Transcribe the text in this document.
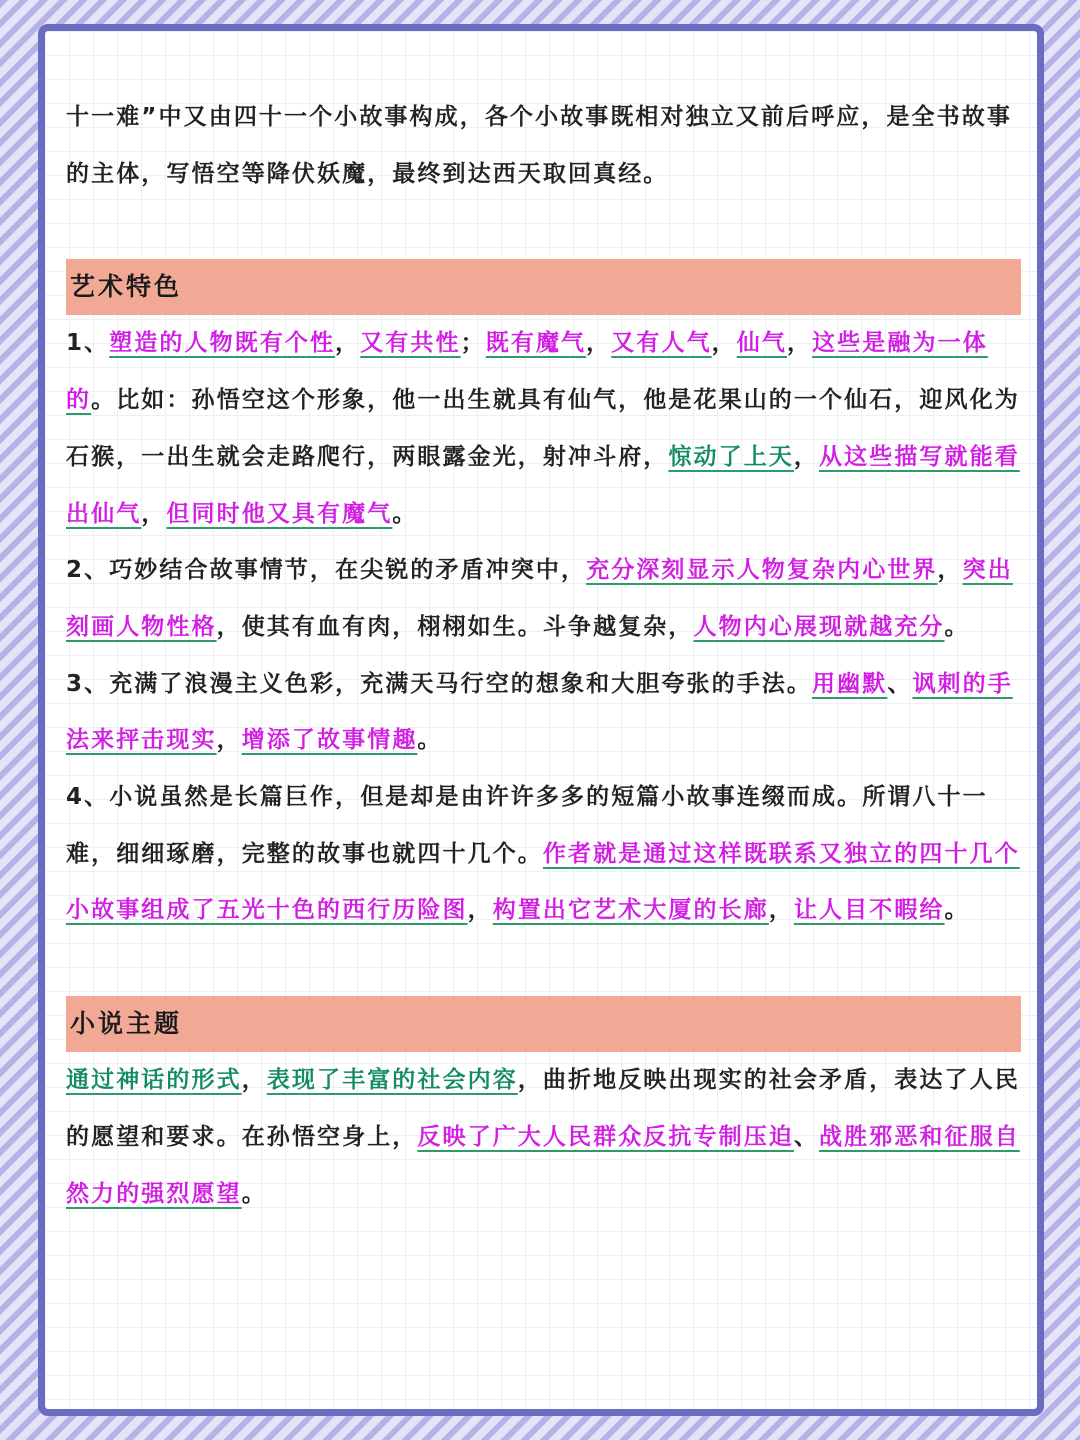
十一难”中又由四十一个小故事构成，各个小故事既相对独立又前后呼应，是全书故事的主体，写悟空等降伏妖魔，最终到达西天取回真经。

艺术特色

1、塑造的人物既有个性，又有共性；既有魔气，又有人气，仙气，这些是融为一体的。比如：孙悟空这个形象，他一出生就具有仙气，他是花果山的一个仙石，迎风化为石猴，一出生就会走路爬行，两眼露金光，射冲斗府，惊动了上天，从这些描写就能看出仙气，但同时他又具有魔气。

2、巧妙结合故事情节，在尖锐的矛盾冲突中，充分深刻显示人物复杂内心世界，突出刻画人物性格，使其有血有肉，栩栩如生。斗争越复杂，人物内心展现就越充分。

3、充满了浪漫主义色彩，充满天马行空的想象和大胆夸张的手法。用幽默、讽刺的手法来抨击现实，增添了故事情趣。

4、小说虽然是长篇巨作，但是却是由许许多多的短篇小故事连缀而成。所谓八十一难，细细琢磨，完整的故事也就四十几个。作者就是通过这样既联系又独立的四十几个小故事组成了五光十色的西行历险图，构置出它艺术大厦的长廊，让人目不暇给。

小说主题

通过神话的形式，表现了丰富的社会内容，曲折地反映出现实的社会矛盾，表达了人民的愿望和要求。在孙悟空身上，反映了广大人民群众反抗专制压迫、战胜邪恶和征服自然力的强烈愿望。
